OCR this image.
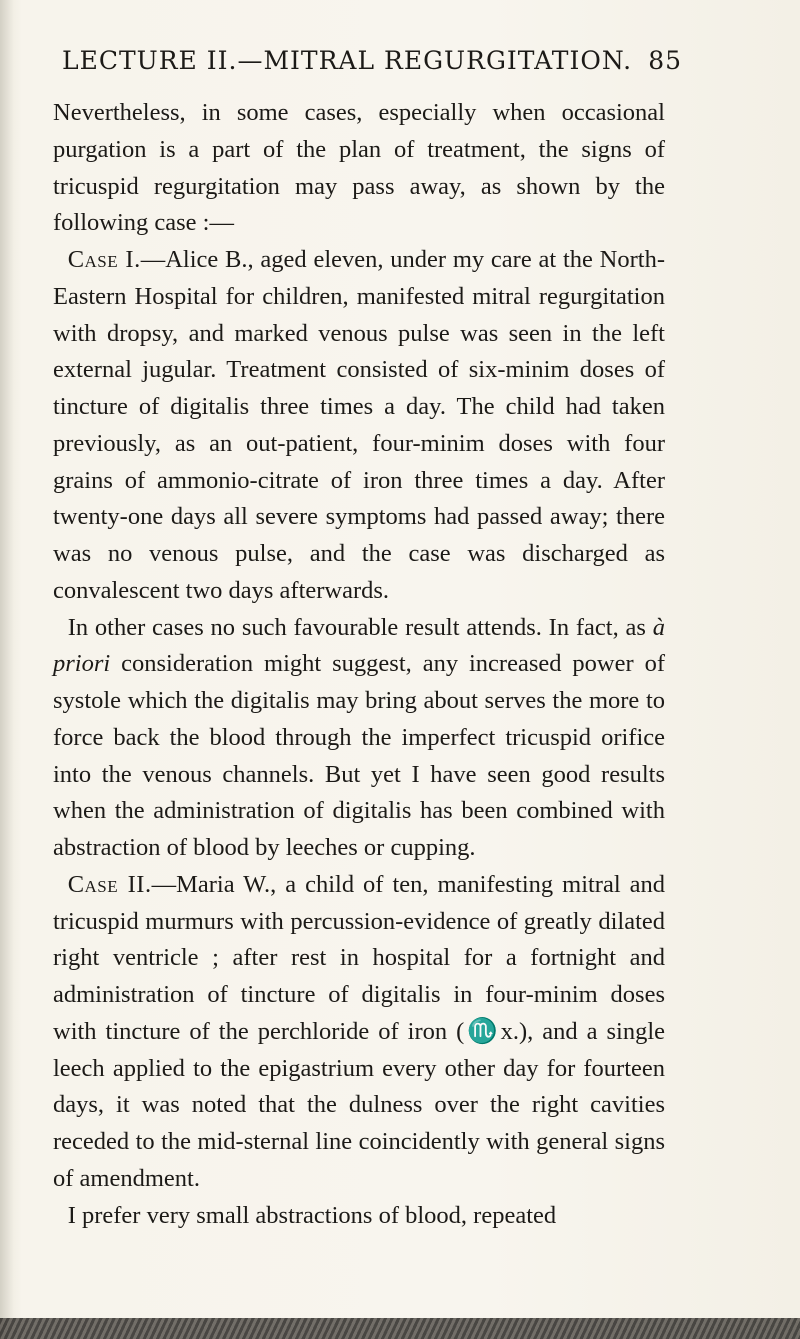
LECTURE II.—MITRAL REGURGITATION. 85

Nevertheless, in some cases, especially when occasional purgation is a part of the plan of treatment, the signs of tricuspid regurgitation may pass away, as shown by the following case :—

Case I.—Alice B., aged eleven, under my care at the North-Eastern Hospital for children, manifested mitral regurgitation with dropsy, and marked venous pulse was seen in the left external jugular. Treatment consisted of six-minim doses of tincture of digitalis three times a day. The child had taken previously, as an out-patient, four-minim doses with four grains of ammonio-citrate of iron three times a day. After twenty-one days all severe symptoms had passed away; there was no venous pulse, and the case was discharged as convalescent two days afterwards.

In other cases no such favourable result attends. In fact, as à priori consideration might suggest, any increased power of systole which the digitalis may bring about serves the more to force back the blood through the imperfect tricuspid orifice into the venous channels. But yet I have seen good results when the administration of digitalis has been combined with abstraction of blood by leeches or cupping.

Case II.—Maria W., a child of ten, manifesting mitral and tricuspid murmurs with percussion-evidence of greatly dilated right ventricle ; after rest in hospital for a fortnight and administration of tincture of digitalis in four-minim doses with tincture of the perchloride of iron (♏x.), and a single leech applied to the epigastrium every other day for fourteen days, it was noted that the dulness over the right cavities receded to the mid-sternal line coincidently with general signs of amendment.

I prefer very small abstractions of blood, repeated
